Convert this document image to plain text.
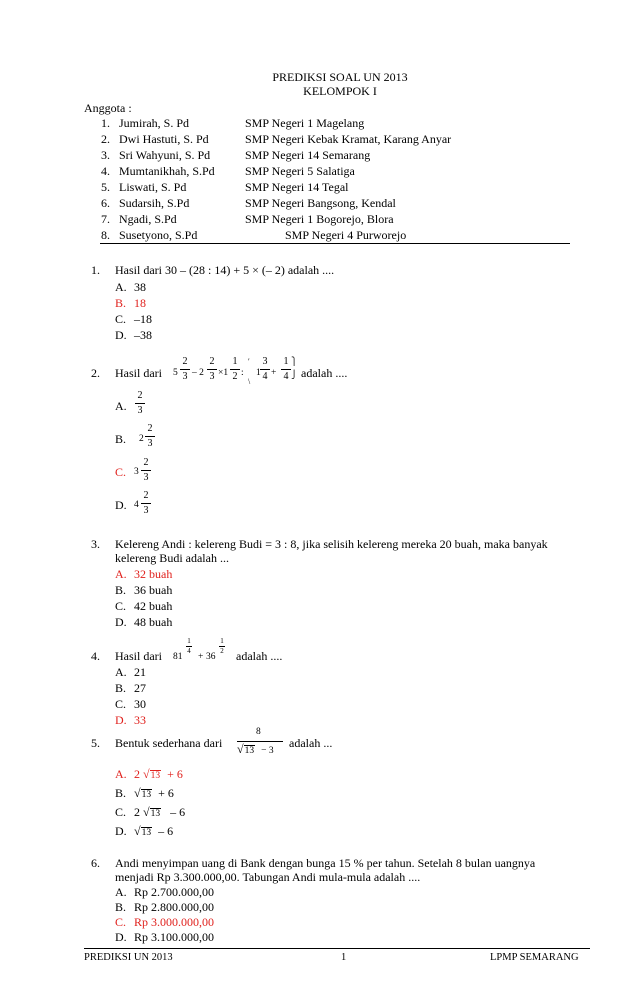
PREDIKSI SOAL UN 2013
KELOMPOK I
Anggota :
1. Jumirah, S. Pd	SMP Negeri 1 Magelang
2. Dwi Hastuti, S. Pd	SMP Negeri Kebak Kramat, Karang Anyar
3. Sri Wahyuni, S. Pd	SMP Negeri 14 Semarang
4. Mumtanikhah, S.Pd	SMP Negeri 5 Salatiga
5. Liswati, S. Pd	SMP Negeri 14 Tegal
6. Sudarsih, S.Pd	SMP Negeri Bangsong, Kendal
7. Ngadi, S.Pd	SMP Negeri 1 Bogorejo, Blora
8. Susetyono, S.Pd	SMP Negeri 4 Purworejo
1. Hasil dari 30 – (28 : 14) + 5 × (– 2) adalah ....
A. 38
B. 18
C. –18
D. –38
2. Hasil dari 5
2
3 – 2
2
3 ×1
1
2 :
′
\
1
3
4 +
1
4
⎫
⎭ adalah ....
A.
2
3
B. 2
2
3
C. 3
2
3
D. 4
2
3
3. Kelereng Andi : kelereng Budi = 3 : 8, jika selisih kelereng mereka 20 buah, maka banyak
kelereng Budi adalah ...
A. 32 buah
B. 36 buah
C. 42 buah
D. 48 buah
4. Hasil dari 81
1
4
+ 36
1
2 adalah ....
A. 21
B. 27
C. 30
D. 33
5. Bentuk sederhana dari
8
√13 − 3
adalah ...
A. 2 √13 + 6
B. √13 + 6
C. 2 √13 – 6
D. √13 – 6
6. Andi menyimpan uang di Bank dengan bunga 15 % per tahun. Setelah 8 bulan uangnya
menjadi Rp 3.300.000,00. Tabungan Andi mula-mula adalah ....
A. Rp 2.700.000,00
B. Rp 2.800.000,00
C. Rp 3.000.000,00
D. Rp 3.100.000,00
PREDIKSI UN 2013	1	LPMP SEMARANG
